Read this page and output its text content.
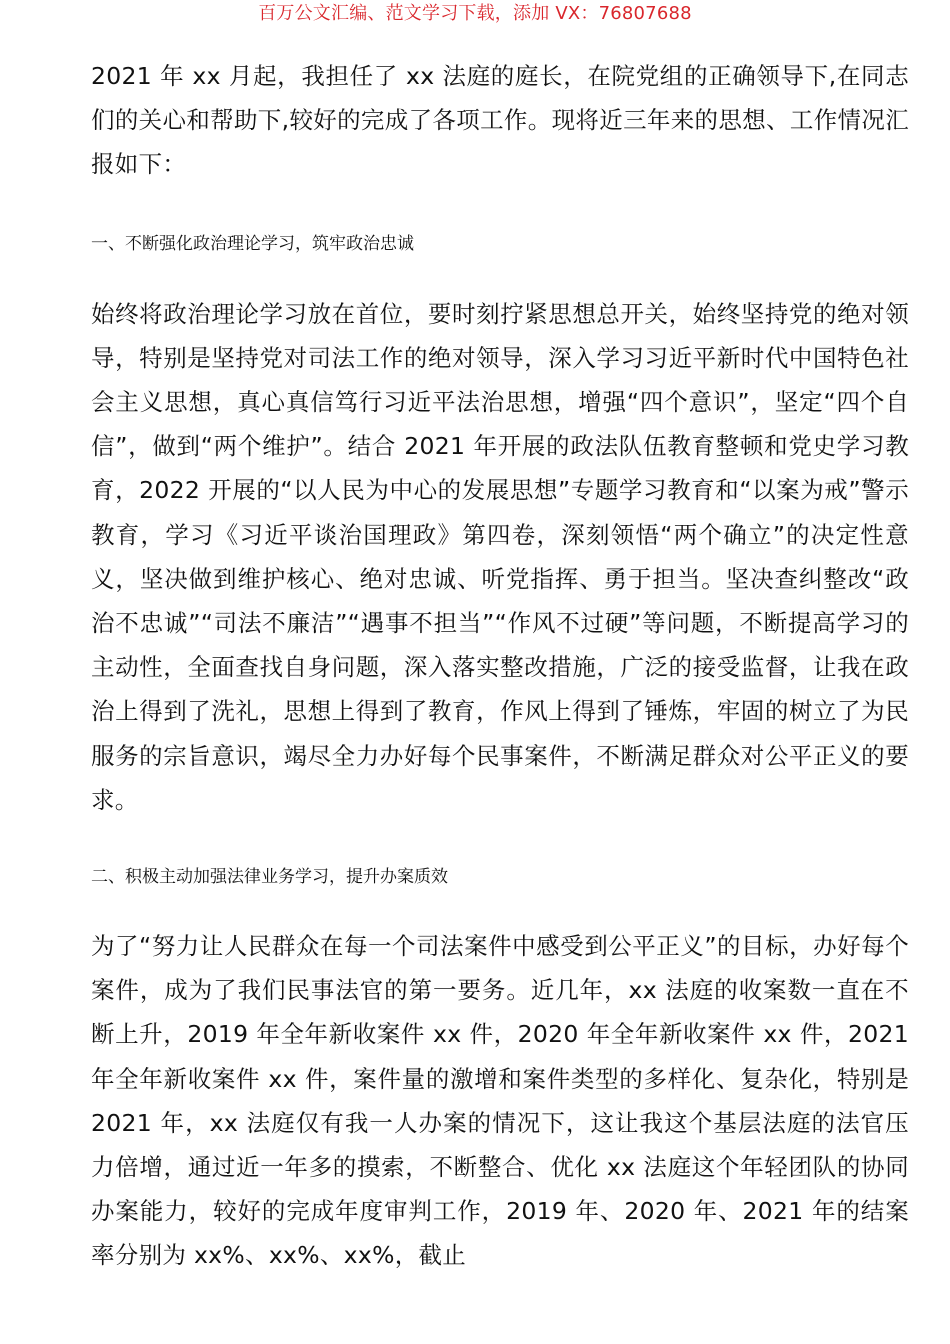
百万公文汇编、范文学习下载，添加 VX：76807688

2021 年 xx 月起，我担任了 xx 法庭的庭长，在院党组的正确领导下,在同志们的关心和帮助下,较好的完成了各项工作。现将近三年来的思想、工作情况汇报如下：

一、不断强化政治理论学习，筑牢政治忠诚

始终将政治理论学习放在首位，要时刻拧紧思想总开关，始终坚持党的绝对领导，特别是坚持党对司法工作的绝对领导，深入学习习近平新时代中国特色社会主义思想，真心真信笃行习近平法治思想，增强“四个意识”，坚定“四个自信”，做到“两个维护”。结合 2021 年开展的政法队伍教育整顿和党史学习教育，2022 开展的“以人民为中心的发展思想”专题学习教育和“以案为戒”警示教育，学习《习近平谈治国理政》第四卷，深刻领悟“两个确立”的决定性意义，坚决做到维护核心、绝对忠诚、听党指挥、勇于担当。坚决查纠整改“政治不忠诚”“司法不廉洁”“遇事不担当”“作风不过硬”等问题，不断提高学习的主动性，全面查找自身问题，深入落实整改措施，广泛的接受监督，让我在政治上得到了洗礼，思想上得到了教育，作风上得到了锤炼，牢固的树立了为民服务的宗旨意识，竭尽全力办好每个民事案件，不断满足群众对公平正义的要求。

二、积极主动加强法律业务学习，提升办案质效

为了“努力让人民群众在每一个司法案件中感受到公平正义”的目标，办好每个案件，成为了我们民事法官的第一要务。近几年，xx 法庭的收案数一直在不断上升，2019 年全年新收案件 xx 件，2020 年全年新收案件 xx 件，2021 年全年新收案件 xx 件，案件量的激增和案件类型的多样化、复杂化，特别是 2021 年，xx 法庭仅有我一人办案的情况下，这让我这个基层法庭的法官压力倍增，通过近一年多的摸索，不断整合、优化 xx 法庭这个年轻团队的协同办案能力，较好的完成年度审判工作，2019 年、2020 年、2021 年的结案率分别为 xx%、xx%、xx%，截止
